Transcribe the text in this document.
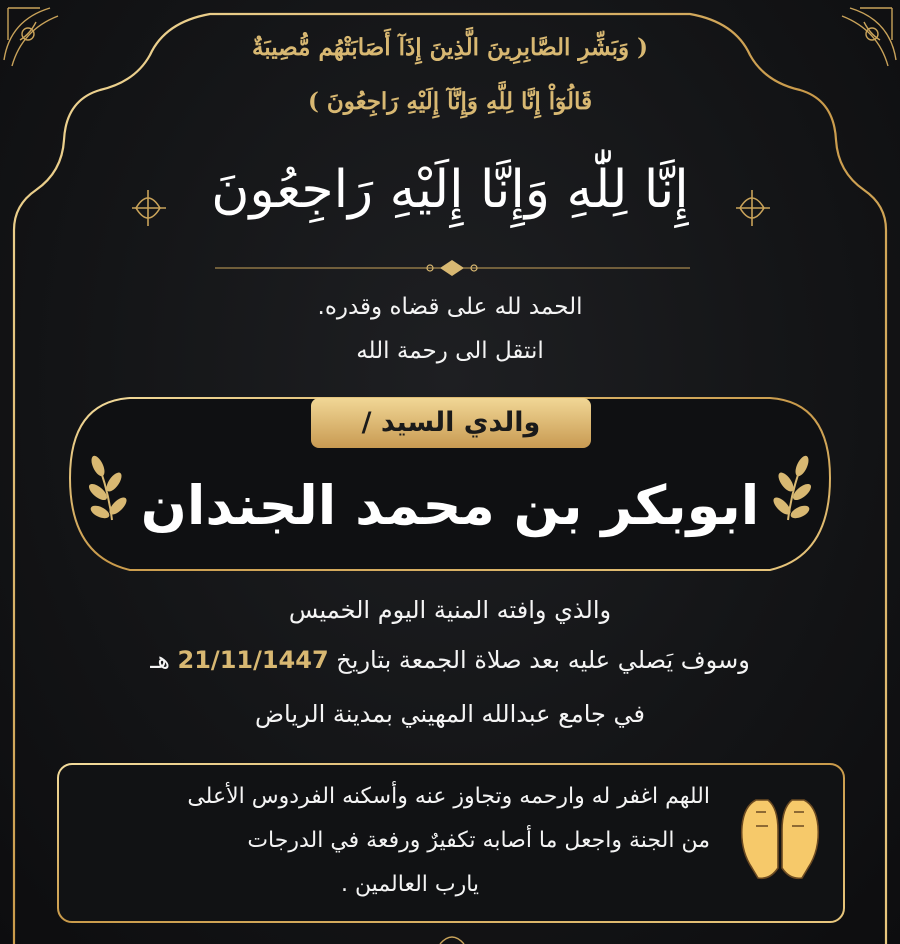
( وَبَشِّرِ الصَّابِرِينَ الَّذِينَ إِذَآ أَصَابَتْهُم مُّصِيبَةٌ
قَالُوٓاْ إِنَّا لِلَّهِ وَإِنَّآ إِلَيْهِ رَاجِعُونَ )
إِنَّا لِلّٰهِ وَإِنَّا إِلَيْهِ رَاجِعُونَ
الحمد لله على قضاه وقدره.
انتقل الى رحمة الله
والدي السيد /
ابوبكر بن محمد الجندان
والذي وافته المنية اليوم الخميس
وسوف يَصلي عليه بعد صلاة الجمعة بتاريخ 21/11/1447 هـ
في جامع عبدالله المهيني بمدينة الرياض
اللهم اغفر له وارحمه وتجاوز عنه وأسكنه الفردوس الأعلى
من الجنة واجعل ما أصابه تكفيرٌ ورفعة في الدرجات
يارب العالمين .
